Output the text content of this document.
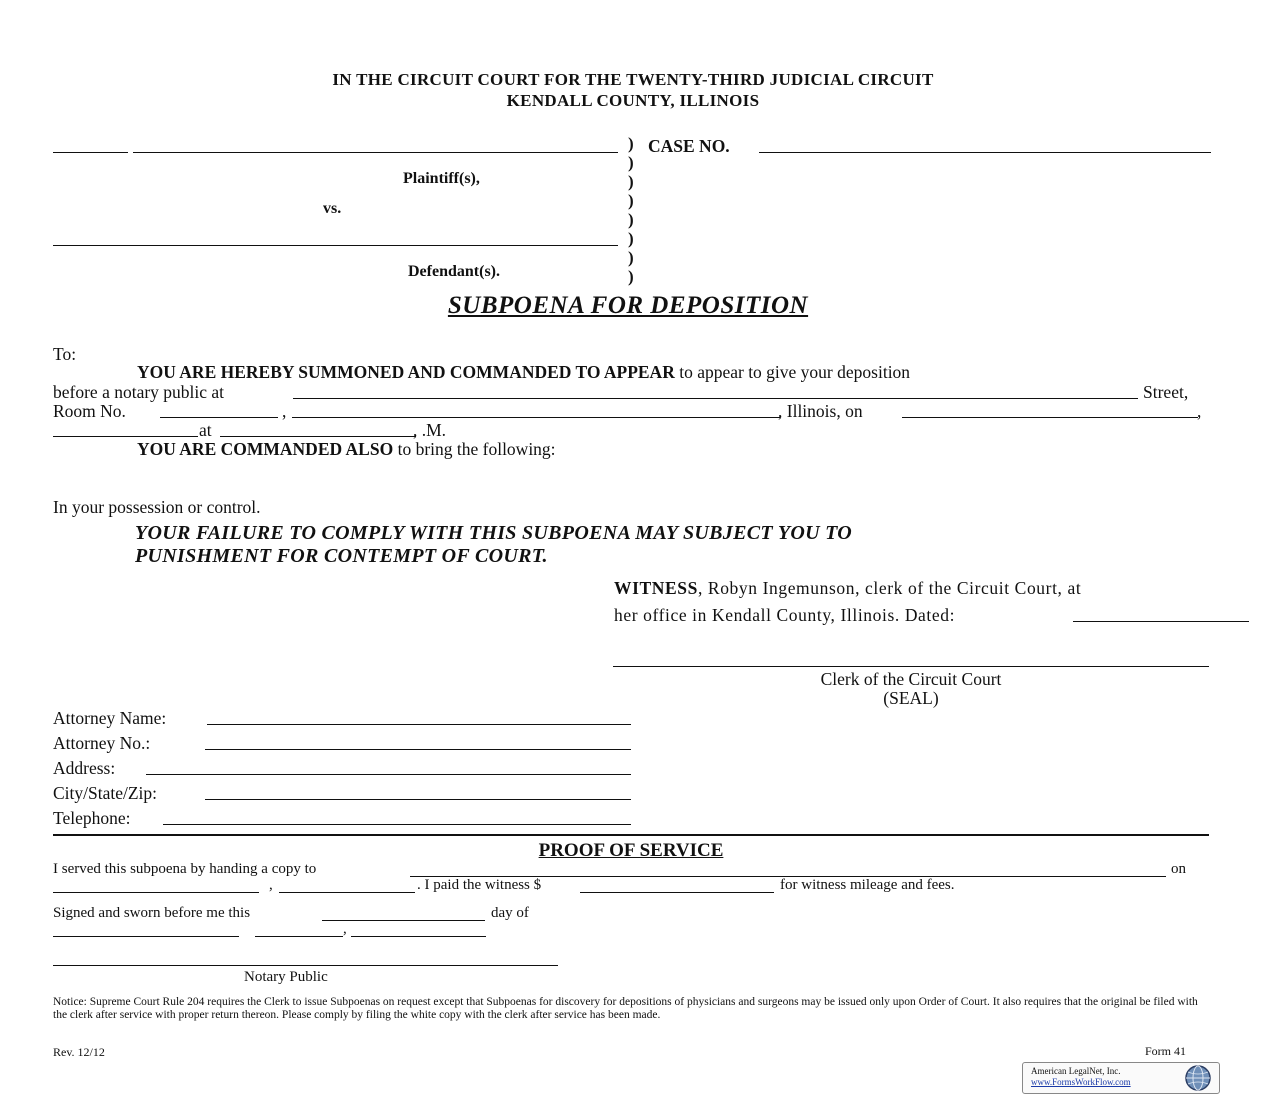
IN THE CIRCUIT COURT FOR THE TWENTY-THIRD JUDICIAL CIRCUIT
KENDALL COUNTY, ILLINOIS
Plaintiff(s),
vs.
Defendant(s).
)
)
)
)
)
)
)
)
CASE NO.
SUBPOENA FOR DEPOSITION
To:
YOU ARE HEREBY SUMMONED AND COMMANDED TO APPEAR to appear to give your deposition
before a notary public at	Street,
Room No.	,	, Illinois, on	,
at	, .M.
YOU ARE COMMANDED ALSO to bring the following:
In your possession or control.
YOUR FAILURE TO COMPLY WITH THIS SUBPOENA MAY SUBJECT YOU TO
PUNISHMENT FOR CONTEMPT OF COURT.
WITNESS, Robyn Ingemunson, clerk of the Circuit Court, at
her office in Kendall County, Illinois. Dated:
Clerk of the Circuit Court
(SEAL)
Attorney Name:
Attorney No.:
Address:
City/State/Zip:
Telephone:
PROOF OF SERVICE
I served this subpoena by handing a copy to	on
,	. I paid the witness $	for witness mileage and fees.
Signed and sworn before me this	day of
,
Notary Public
Notice: Supreme Court Rule 204 requires the Clerk to issue Subpoenas on request except that Subpoenas for discovery for depositions of physicians and surgeons may be issued only upon Order of Court. It also requires that the original be filed with the clerk after service with proper return thereon. Please comply by filing the white copy with the clerk after service has been made.
Rev. 12/12	Form 41
American LegalNet, Inc.
www.FormsWorkFlow.com
